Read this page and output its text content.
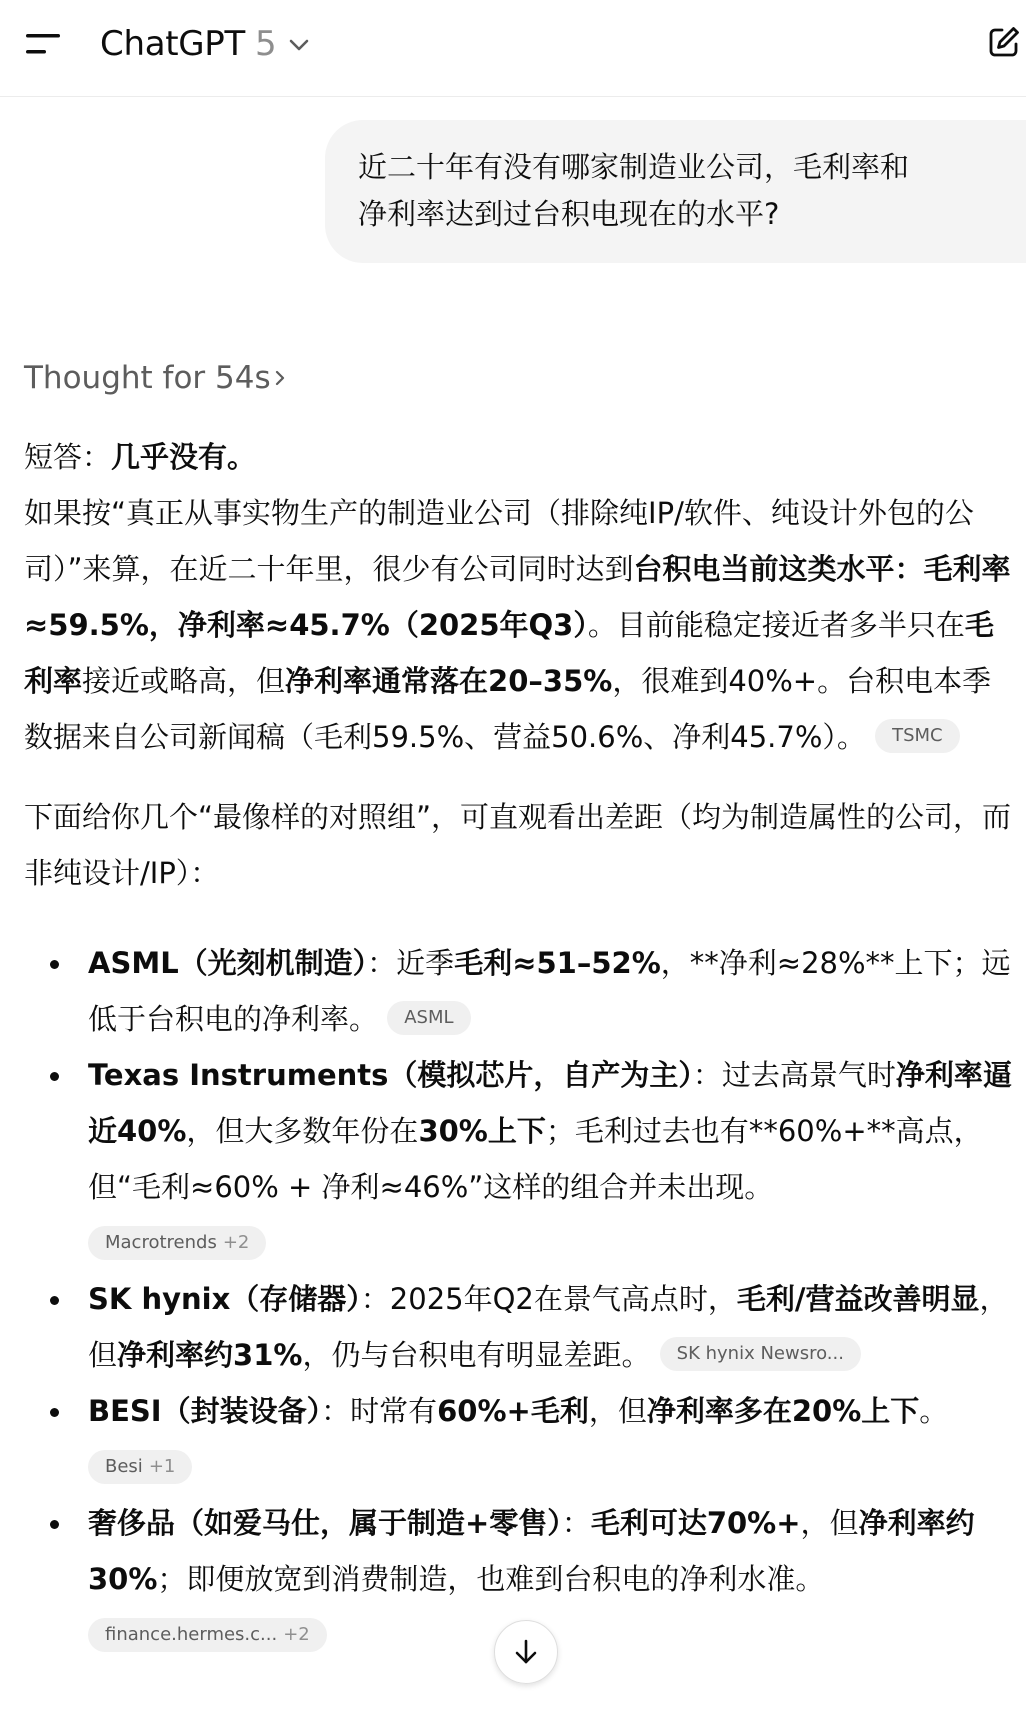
ChatGPT 5
近二十年有没有哪家制造业公司，毛利率和
净利率达到过台积电现在的水平?
Thought for 54s

短答：几乎没有。

如果按“真正从事实物生产的制造业公司（排除纯IP/软件、纯设计外包的公司）”来算，在近二十年里，很少有公司同时达到台积电当前这类水平：毛利率≈59.5%，净利率≈45.7%（2025年Q3）。目前能稳定接近者多半只在毛利率接近或略高，但净利率通常落在20–35%，很难到40%+。台积电本季数据来自公司新闻稿（毛利59.5%、营益50.6%、净利45.7%）。 TSMC

下面给你几个“最像样的对照组”，可直观看出差距（均为制造属性的公司，而非纯设计/IP）：

ASML（光刻机制造）：近季毛利≈51–52%，**净利≈28%**上下；远低于台积电的净利率。 ASML
Texas Instruments（模拟芯片，自产为主）：过去高景气时净利率逼近40%，但大多数年份在30%上下；毛利过去也有**60%+**高点，但“毛利≈60% + 净利≈46%”这样的组合并未出现。
Macrotrends +2
SK hynix（存储器）：2025年Q2在景气高点时，毛利/营益改善明显，但净利率约31%，仍与台积电有明显差距。 SK hynix Newsro...
BESI（封装设备）：时常有60%+毛利，但净利率多在20%上下。
Besi +1
奢侈品（如爱马仕，属于制造+零售）：毛利可达70%+，但净利率约30%；即便放宽到消费制造，也难到台积电的净利水准。
finance.hermes.c... +2
